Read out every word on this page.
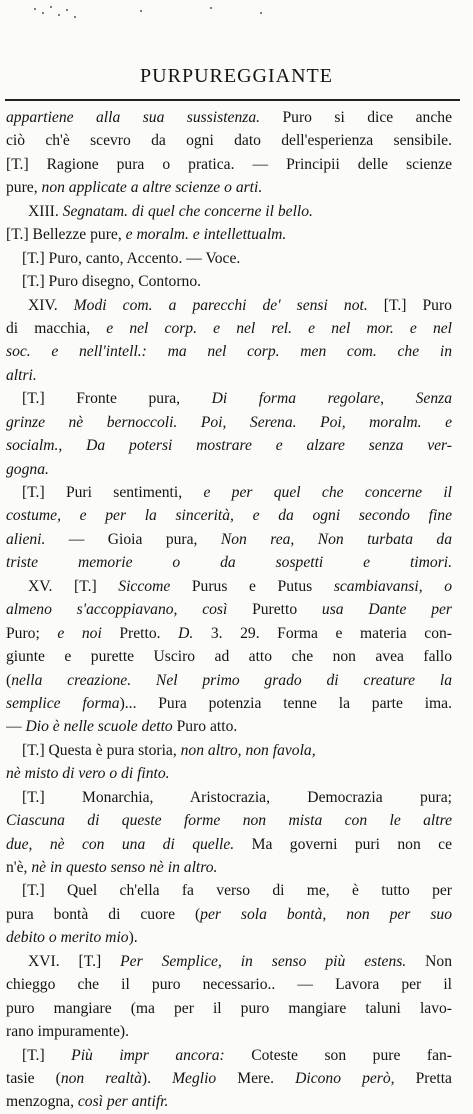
PURPUREGGIANTE
appartiene alla sua sussistenza. Puro si dice anche
ciò ch'è scevro da ogni dato dell'esperienza sensibile.
[T.] Ragione pura o pratica. — Principii delle scienze
pure, non applicate a altre scienze o arti.
XIII. Segnatam. di quel che concerne il bello.
[T.] Bellezze pure, e moralm. e intellettualm.
[T.] Puro, canto, Accento. — Voce.
[T.] Puro disegno, Contorno.
XIV. Modi com. a parecchi de' sensi not. [T.] Puro
di macchia, e nel corp. e nel rel. e nel mor. e nel
soc. e nell'intell.: ma nel corp. men com. che in
altri.
[T.] Fronte pura, Di forma regolare, Senza
grinze nè bernoccoli. Poi, Serena. Poi, moralm. e
socialm., Da potersi mostrare e alzare senza ver-
gogna.
[T.] Puri sentimenti, e per quel che concerne il
costume, e per la sincerità, e da ogni secondo fine
alieni. — Gioia pura, Non rea, Non turbata da
triste memorie o da sospetti e timori.
XV. [T.] Siccome Purus e Putus scambiavansi, o
almeno s'accoppiavano, così Puretto usa Dante per
Puro; e noi Pretto. D. 3. 29. Forma e materia con-
giunte e purette Usciro ad atto che non avea fallo
(nella creazione. Nel primo grado di creature la
semplice forma)... Pura potenzia tenne la parte ima.
— Dio è nelle scuole detto Puro atto.
[T.] Questa è pura storia, non altro, non favola,
nè misto di vero o di finto.
[T.] Monarchia, Aristocrazia, Democrazia pura;
Ciascuna di queste forme non mista con le altre
due, nè con una di quelle. Ma governi puri non ce
n'è, nè in questo senso nè in altro.
[T.] Quel ch'ella fa verso di me, è tutto per
pura bontà di cuore (per sola bontà, non per suo
debito o merito mio).
XVI. [T.] Per Semplice, in senso più estens. Non
chieggo che il puro necessario.. — Lavora per il
puro mangiare (ma per il puro mangiare taluni lavo-
rano impuramente).
[T.] Più impr ancora: Coteste son pure fan-
tasie (non realtà). Meglio Mere. Dicono però, Pretta
menzogna, così per antifr.
